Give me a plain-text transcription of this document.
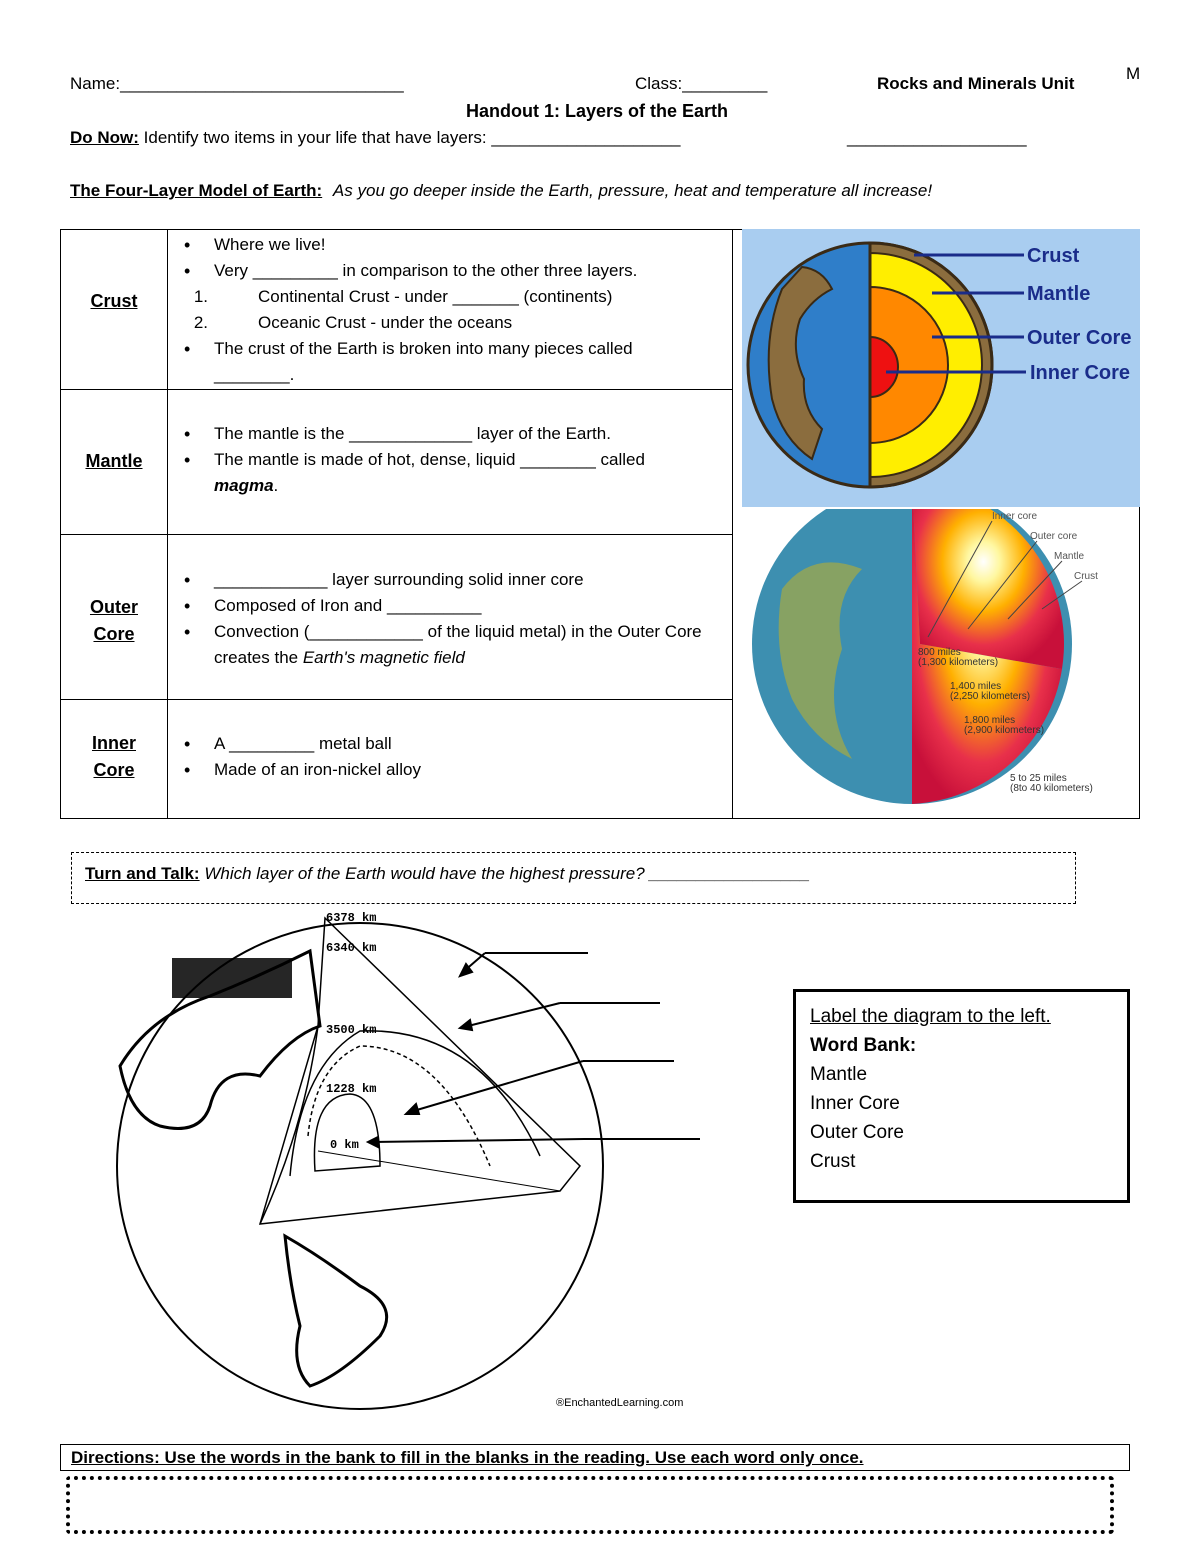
Name:______________________________	Class:_________	Rocks and Minerals Unit
M
Handout 1: Layers of the Earth
Do Now: Identify two items in your life that have layers: ____________________	___________________
The Four-Layer Model of Earth: As you go deeper inside the Earth, pressure, heat and temperature all increase!
Crust
• Where we live!
• Very _________ in comparison to the other three layers.
1.	Continental Crust - under _______ (continents)
2.	Oceanic Crust - under the oceans
• The crust of the Earth is broken into many pieces called ________.
Mantle
• The mantle is the _____________ layer of the Earth.
• The mantle is made of hot, dense, liquid ________ called magma.
Outer
Core
• ____________ layer surrounding solid inner core
• Composed of Iron and __________
• Convection (____________ of the liquid metal) in the Outer Core creates the Earth's magnetic field
Inner
Core
• A _________ metal ball
• Made of an iron-nickel alloy
Crust
Mantle
Outer Core
Inner Core
Inner core
Outer core
Mantle
Crust
800 miles
(1,300 kilometers)
1,400 miles
(2,250 kilometers)
1,800 miles
(2,900 kilometers)
5 to 25 miles
(8to 40 kilometers)
Turn and Talk: Which layer of the Earth would have the highest pressure? _________________
6378 km
6340 km
3500 km
1228 km
0 km
®EnchantedLearning.com
Label the diagram to the left.
Word Bank:
Mantle
Inner Core
Outer Core
Crust
Directions: Use the words in the bank to fill in the blanks in the reading. Use each word only once.
